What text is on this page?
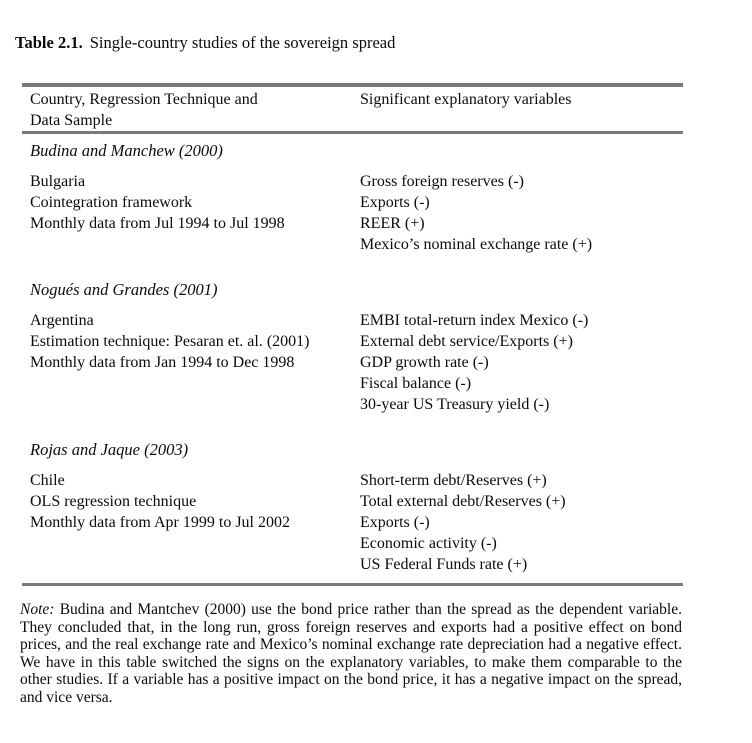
Table 2.1. Single-country studies of the sovereign spread
Country, Regression Technique and
Data Sample
Significant explanatory variables
Budina and Manchew (2000)
Bulgaria
Cointegration framework
Monthly data from Jul 1994 to Jul 1998
Gross foreign reserves (-)
Exports (-)
REER (+)
Mexico’s nominal exchange rate (+)
Nogués and Grandes (2001)
Argentina
Estimation technique: Pesaran et. al. (2001)
Monthly data from Jan 1994 to Dec 1998
EMBI total-return index Mexico (-)
External debt service/Exports (+)
GDP growth rate (-)
Fiscal balance (-)
30-year US Treasury yield (-)
Rojas and Jaque (2003)
Chile
OLS regression technique
Monthly data from Apr 1999 to Jul 2002
Short-term debt/Reserves (+)
Total external debt/Reserves (+)
Exports (-)
Economic activity (-)
US Federal Funds rate (+)
Note: Budina and Mantchev (2000) use the bond price rather than the spread as the dependent variable. They concluded that, in the long run, gross foreign reserves and exports had a positive effect on bond prices, and the real exchange rate and Mexico’s nominal exchange rate depreciation had a negative effect. We have in this table switched the signs on the explanatory variables, to make them comparable to the other studies. If a variable has a positive impact on the bond price, it has a negative impact on the spread, and vice versa.
